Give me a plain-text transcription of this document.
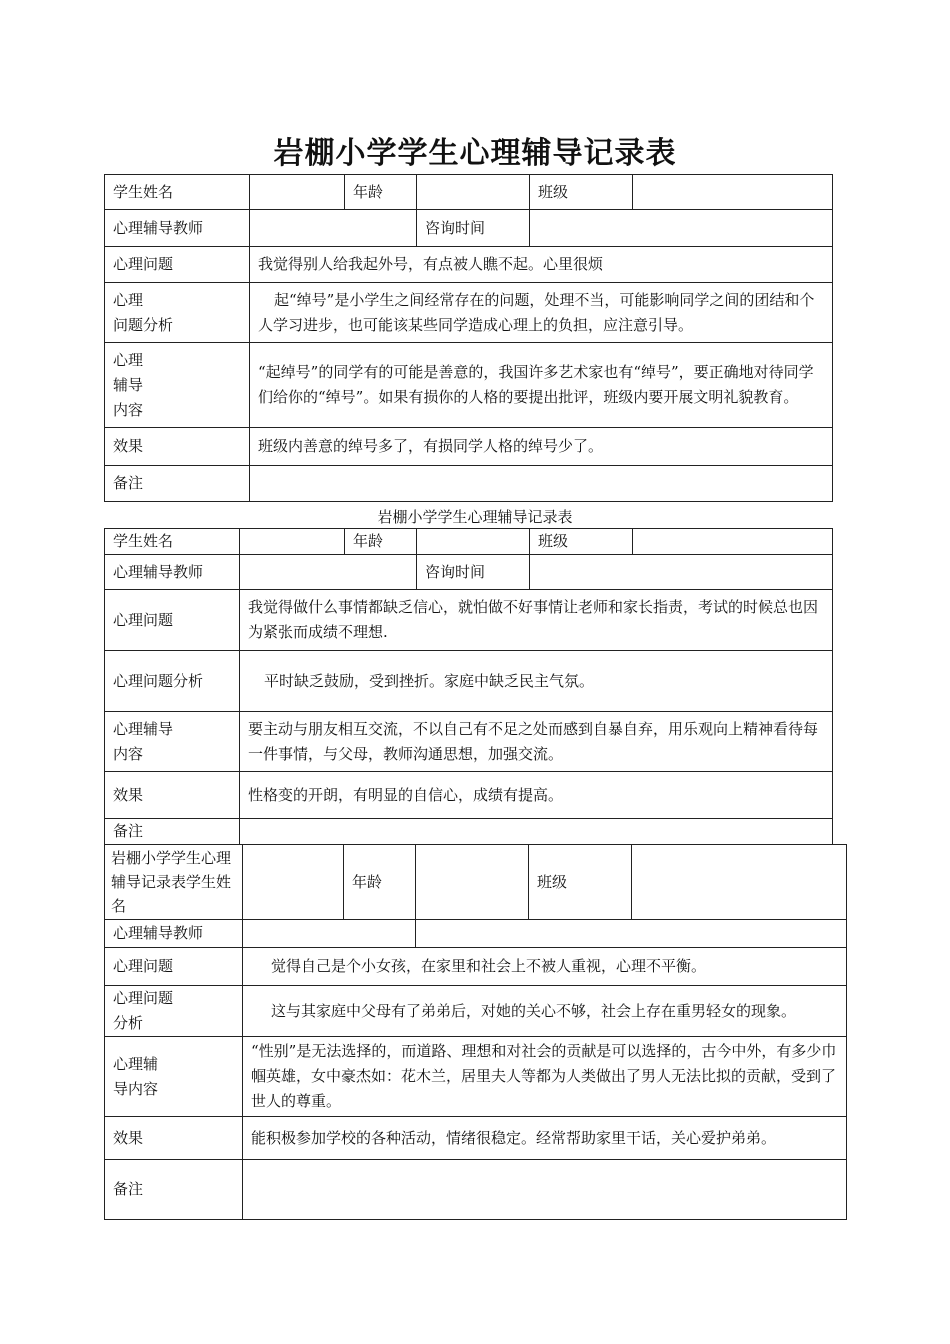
岩棚小学学生心理辅导记录表
学生姓名		年龄		班级	
心理辅导教师			咨询时间		
心理问题	我觉得别人给我起外号，有点被人瞧不起。心里很烦				
心理
问题分析	起“绰号”是小学生之间经常存在的问题，处理不当，可能影响同学之间的团结和个人学习进步，也可能该某些同学造成心理上的负担，应注意引导。				
心理
辅导
内容	“起绰号”的同学有的可能是善意的，我国许多艺术家也有“绰号”，要正确地对待同学们给你的“绰号”。如果有损你的人格的要提出批评，班级内要开展文明礼貌教育。				
效果	班级内善意的绰号多了，有损同学人格的绰号少了。				
备注					
岩棚小学学生心理辅导记录表
学生姓名		年龄		班级	
心理辅导教师			咨询时间		
心理问题	我觉得做什么事情都缺乏信心，就怕做不好事情让老师和家长指责，考试的时候总也因为紧张而成绩不理想.				
心理问题分析	平时缺乏鼓励，受到挫折。家庭中缺乏民主气氛。				
心理辅导
内容	要主动与朋友相互交流，不以自己有不足之处而感到自暴自弃，用乐观向上精神看待每一件事情，与父母，教师沟通思想，加强交流。				
效果	性格变的开朗，有明显的自信心，成绩有提高。				
备注					
岩棚小学学生心理辅导记录表学生姓名		年龄		班级	
心理辅导教师					
心理问题	觉得自己是个小女孩，在家里和社会上不被人重视，心理不平衡。				
心理问题
分析	这与其家庭中父母有了弟弟后，对她的关心不够，社会上存在重男轻女的现象。				
心理辅
导内容	“性别”是无法选择的，而道路、理想和对社会的贡献是可以选择的，古今中外，有多少巾帼英雄，女中豪杰如：花木兰，居里夫人等都为人类做出了男人无法比拟的贡献，受到了世人的尊重。				
效果	能积极参加学校的各种活动，情绪很稳定。经常帮助家里干话，关心爱护弟弟。				
备注					
